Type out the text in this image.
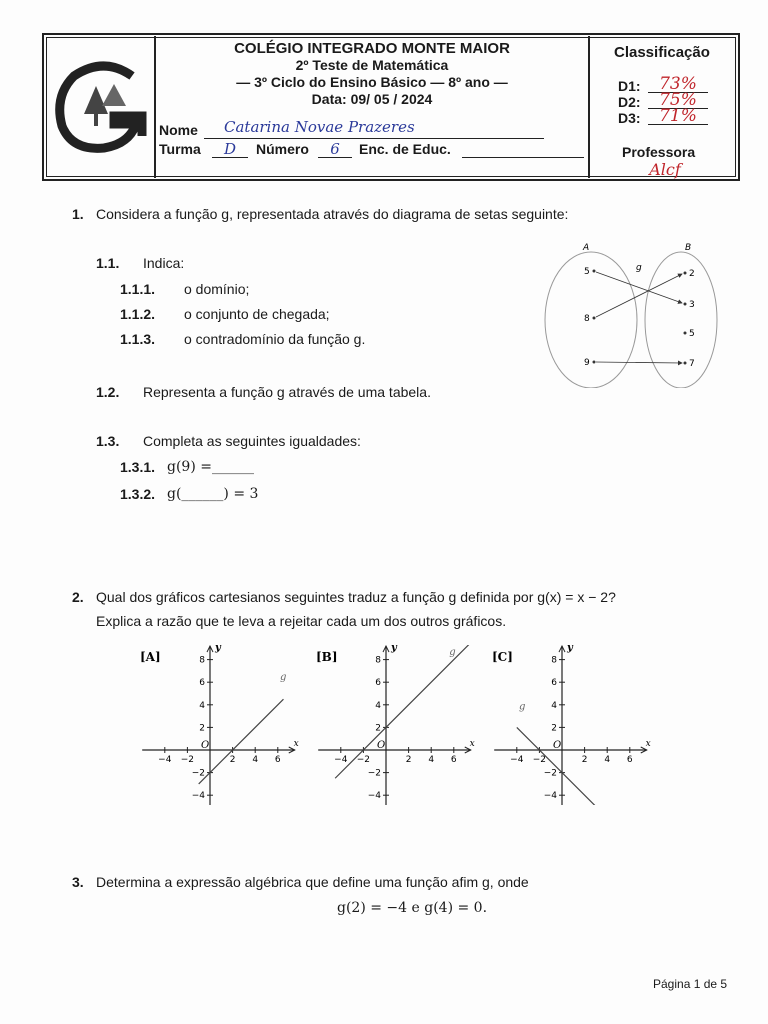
COLÉGIO INTEGRADO MONTE MAIOR
2º Teste de Matemática
— 3º Ciclo do Ensino Básico — 8º ano —
Data: 09/ 05 / 2024
Nome	Catarina Novae Prazeres
Turma	D	Número	6	Enc. de Educ.
Classificação
D1:	73%
D2:	75%
D3:	71%
Professora
Alcf
1. Considera a função g, representada através do diagrama de setas seguinte:
1.1. Indica:
1.1.1. o domínio;
1.1.2. o conjunto de chegada;
1.1.3. o contradomínio da função g.
1.2. Representa a função g através de uma tabela.
1.3. Completa as seguintes igualdades:
1.3.1. g(9) =______
1.3.2. g(______) = 3
A	B
g
5
8
9
2
3
5
7
2. Qual dos gráficos cartesianos seguintes traduz a função g definida por g(x) = x − 2?
Explica a razão que te leva a rejeitar cada um dos outros gráficos.
[A]	8
6
4
2
−2
−4
−4 −2	2 4 6
O	x
y
g
[B]	8
6
4
2
−2
−4
−4 −2	2 4 6
O	x
y	g	[C]	8
6
4
2
−2
−4
−4 −2	2 4 6
O	x
y
g
3. Determina a expressão algébrica que define uma função afim g, onde
g(2) = −4 e g(4) = 0.
Página 1 de 5
